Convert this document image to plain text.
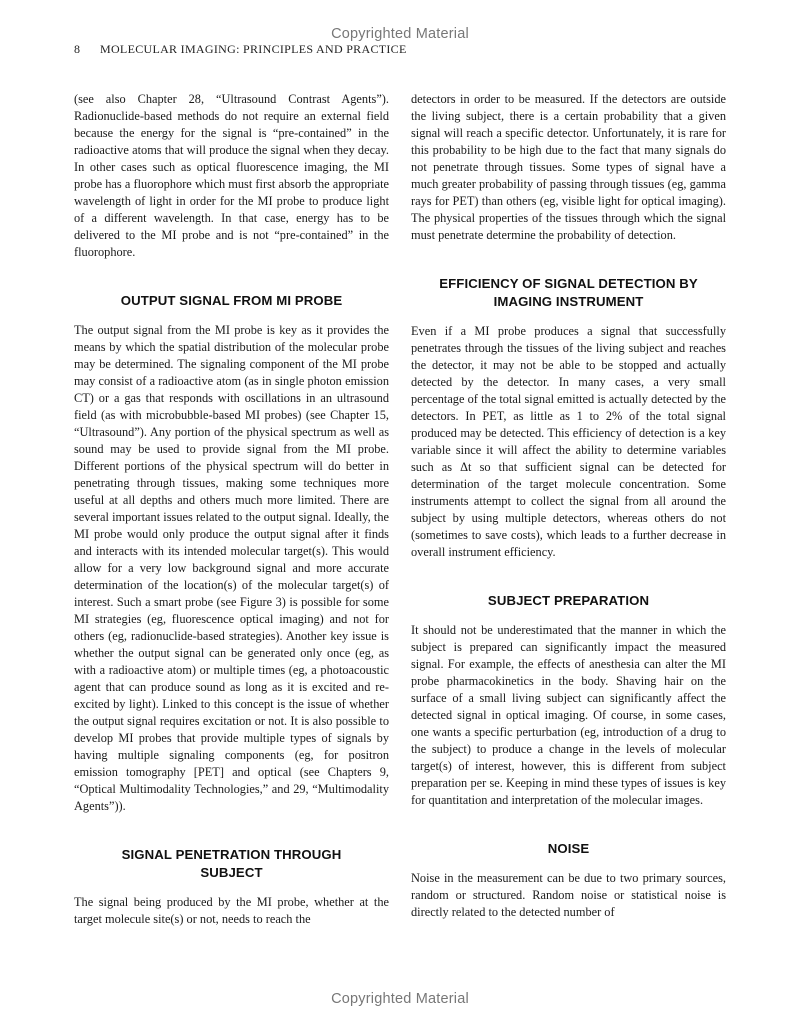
Copyrighted Material
8 MOLECULAR IMAGING: PRINCIPLES AND PRACTICE

(see also Chapter 28, “Ultrasound Contrast Agents”). Radionuclide-based methods do not require an external field because the energy for the signal is “pre-contained” in the radioactive atoms that will produce the signal when they decay. In other cases such as optical fluorescence imaging, the MI probe has a fluorophore which must first absorb the appropriate wavelength of light in order for the MI probe to produce light of a different wavelength. In that case, energy has to be delivered to the MI probe and is not “pre-contained” in the fluorophore.

OUTPUT SIGNAL FROM MI PROBE

The output signal from the MI probe is key as it provides the means by which the spatial distribution of the molecular probe may be determined. The signaling component of the MI probe may consist of a radioactive atom (as in single photon emission CT) or a gas that responds with oscillations in an ultrasound field (as with microbubble-based MI probes) (see Chapter 15, “Ultrasound”). Any portion of the physical spectrum as well as sound may be used to provide signal from the MI probe. Different portions of the physical spectrum will do better in penetrating through tissues, making some techniques more useful at all depths and others much more limited. There are several important issues related to the output signal. Ideally, the MI probe would only produce the output signal after it finds and interacts with its intended molecular target(s). This would allow for a very low background signal and more accurate determination of the location(s) of the molecular target(s) of interest. Such a smart probe (see Figure 3) is possible for some MI strategies (eg, fluorescence optical imaging) and not for others (eg, radionuclide-based strategies). Another key issue is whether the output signal can be generated only once (eg, as with a radioactive atom) or multiple times (eg, a photoacoustic agent that can produce sound as long as it is excited and re-excited by light). Linked to this concept is the issue of whether the output signal requires excitation or not. It is also possible to develop MI probes that provide multiple types of signals by having multiple signaling components (eg, for positron emission tomography [PET] and optical (see Chapters 9, “Optical Multimodality Technologies,” and 29, “Multimodality Agents”)).

SIGNAL PENETRATION THROUGH
SUBJECT

The signal being produced by the MI probe, whether at the target molecule site(s) or not, needs to reach the

detectors in order to be measured. If the detectors are outside the living subject, there is a certain probability that a given signal will reach a specific detector. Unfortunately, it is rare for this probability to be high due to the fact that many signals do not penetrate through tissues. Some types of signal have a much greater probability of passing through tissues (eg, gamma rays for PET) than others (eg, visible light for optical imaging). The physical properties of the tissues through which the signal must penetrate determine the probability of detection.

EFFICIENCY OF SIGNAL DETECTION BY
IMAGING INSTRUMENT

Even if a MI probe produces a signal that successfully penetrates through the tissues of the living subject and reaches the detector, it may not be able to be stopped and actually detected by the detector. In many cases, a very small percentage of the total signal emitted is actually detected by the detectors. In PET, as little as 1 to 2% of the total signal produced may be detected. This efficiency of detection is a key variable since it will affect the ability to determine variables such as Δt so that sufficient signal can be detected for determination of the target molecule concentration. Some instruments attempt to collect the signal from all around the subject by using multiple detectors, whereas others do not (sometimes to save costs), which leads to a further decrease in overall instrument efficiency.

SUBJECT PREPARATION

It should not be underestimated that the manner in which the subject is prepared can significantly impact the measured signal. For example, the effects of anesthesia can alter the MI probe pharmacokinetics in the body. Shaving hair on the surface of a small living subject can significantly affect the detected signal in optical imaging. Of course, in some cases, one wants a specific perturbation (eg, introduction of a drug to the subject) to produce a change in the levels of molecular target(s) of interest, however, this is different from subject preparation per se. Keeping in mind these types of issues is key for quantitation and interpretation of the molecular images.

NOISE

Noise in the measurement can be due to two primary sources, random or structured. Random noise or statistical noise is directly related to the detected number of

Copyrighted Material
